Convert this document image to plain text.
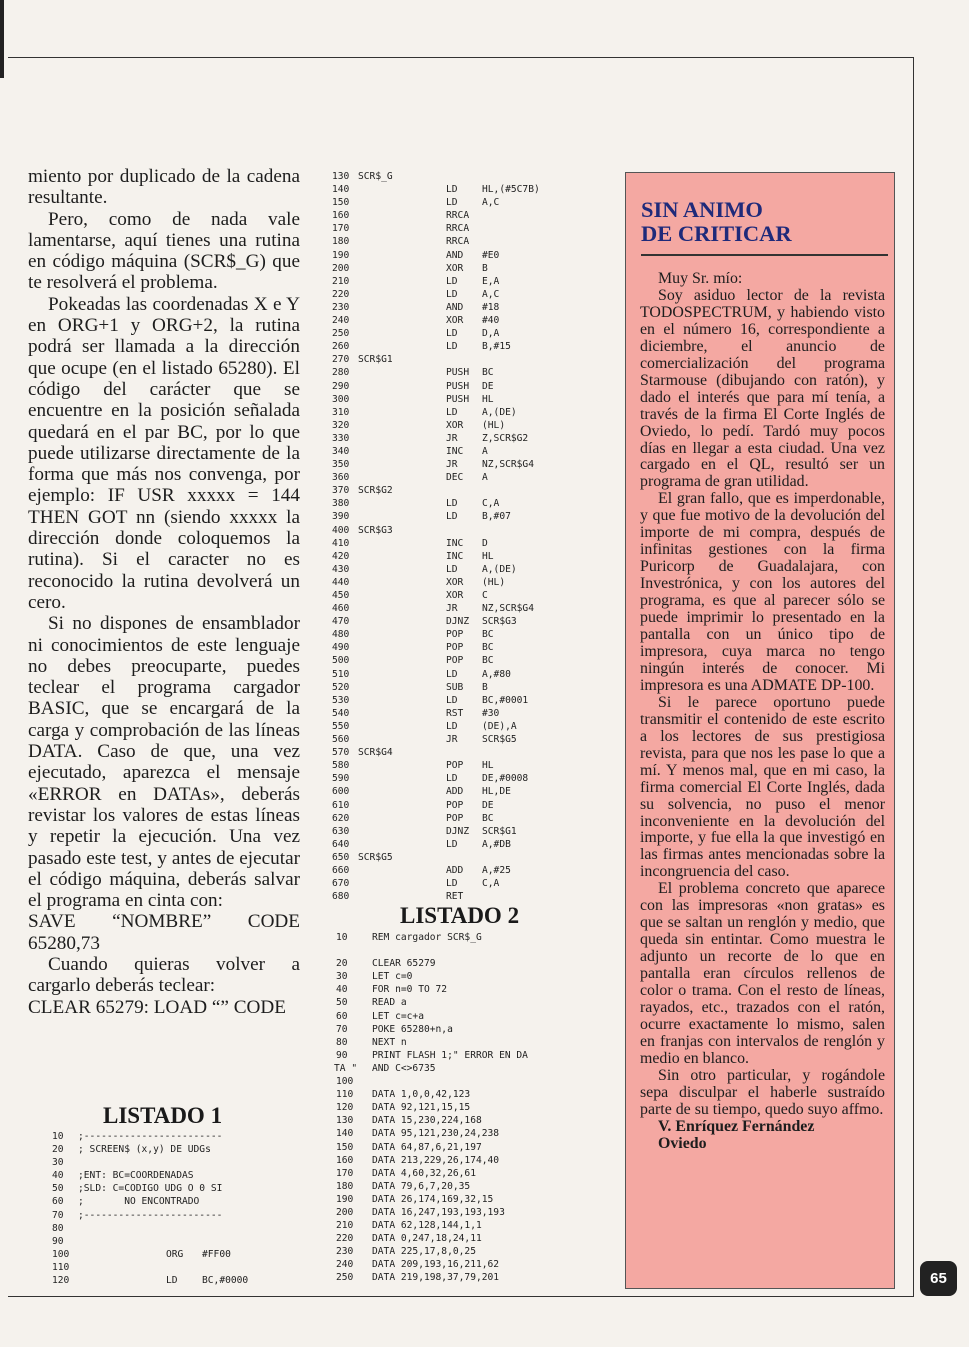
miento por duplicado de la cadena resultante.

Pero, como de nada vale lamentarse, aquí tienes una rutina en código máquina (SCR$_G) que te resolverá el problema.

Pokeadas las coordenadas X e Y en ORG+1 y ORG+2, la rutina podrá ser llamada a la dirección que ocupe (en el listado 65280). El código del carácter que se encuentre en la posición señalada quedará en el par BC, por lo que puede utilizarse directamente de la forma que más nos convenga, por ejemplo: IF USR xxxxx = 144 THEN GOT nn (siendo xxxxx la dirección donde coloquemos la rutina). Si el caracter no es reconocido la rutina devolverá un cero.

Si no dispones de ensamblador ni conocimientos de este lenguaje no debes preocuparte, puedes teclear el programa cargador BASIC, que se encargará de la carga y comprobación de las líneas DATA. Caso de que, una vez ejecutado, aparezca el mensaje «ERROR en DATAs», deberás revistar los valores de estas líneas y repetir la ejecución. Una vez pasado este test, y antes de ejecutar el código máquina, deberás salvar el programa en cinta con:

SAVE “NOMBRE” CODE 65280,73

Cuando quieras volver a cargarlo deberás teclear:

CLEAR 65279: LOAD “” CODE

LISTADO 1
10 ;------------------------
20 ; SCREEN$ (x,y) DE UDGs
30
40 ;ENT: BC=COORDENADAS
50 ;SLD: C=CODIGO UDG O 0 SI
60 ;       NO ENCONTRADO
70 ;------------------------
80
90
100	ORG #FF00
110
120	LD	BC,#0000
130 SCR$_G
140	LD	HL,(#5C7B)
150	LD	A,C
160	RRCA
170	RRCA
180	RRCA
190	AND #E0
200	XOR B
210	LD	E,A
220	LD	A,C
230	AND #18
240	XOR #40
250	LD	D,A
260	LD	B,#15
270 SCR$G1
280	PUSH BC
290	PUSH DE
300	PUSH HL
310	LD	A,(DE)
320	XOR (HL)
330	JR	Z,SCR$G2
340	INC A
350	JR	NZ,SCR$G4
360	DEC A
370 SCR$G2
380	LD	C,A
390	LD	B,#07
400 SCR$G3
410	INC D
420	INC HL
430	LD	A,(DE)
440	XOR (HL)
450	XOR C
460	JR	NZ,SCR$G4
470	DJNZ SCR$G3
480	POP BC
490	POP BC
500	POP BC
510	LD	A,#80
520	SUB B
530	LD	BC,#0001
540	RST #30
550	LD	(DE),A
560	JR	SCR$G5
570 SCR$G4
580	POP HL
590	LD	DE,#0008
600	ADD HL,DE
610	POP DE
620	POP BC
630	DJNZ SCR$G1
640	LD	A,#DB
650 SCR$G5
660	ADD A,#25
670	LD	C,A
680	RET
LISTADO 2
10	REM cargador SCR$_G
20	CLEAR 65279
30	LET c=0
40	FOR n=0 TO 72
50	READ a
60	LET c=c+a
70	POKE 65280+n,a
80	NEXT n
90	PRINT FLASH 1;" ERROR EN DA
TA " AND C<>6735
100
110 DATA 1,0,0,42,123
120 DATA 92,121,15,15
130 DATA 15,230,224,168
140 DATA 95,121,230,24,238
150 DATA 64,87,6,21,197
160 DATA 213,229,26,174,40
170 DATA 4,60,32,26,61
180 DATA 79,6,7,20,35
190 DATA 26,174,169,32,15
200 DATA 16,247,193,193,193
210 DATA 62,128,144,1,1
220 DATA 0,247,18,24,11
230 DATA 225,17,8,0,25
240 DATA 209,193,16,211,62
250 DATA 219,198,37,79,201
SIN ANIMO
DE CRITICAR

Muy Sr. mío:

Soy asiduo lector de la revista TODOSPECTRUM, y habiendo visto en el número 16, correspondiente a diciembre, el anuncio de comercialización del programa Starmouse (dibujando con ratón), y dado el interés que para mí tenía, a través de la firma El Corte Inglés de Oviedo, lo pedí. Tardó muy pocos días en llegar a esta ciudad. Una vez cargado en el QL, resultó ser un programa de gran utilidad.

El gran fallo, que es imperdonable, y que fue motivo de la devolución del importe de mi compra, después de infinitas gestiones con la firma Puricorp de Guadalajara, con Investrónica, y con los autores del programa, es que al parecer sólo se puede imprimir lo presentado en la pantalla con un único tipo de impresora, cuya marca no tengo ningún interés de conocer. Mi impresora es una ADMATE DP-100.

Si le parece oportuno puede transmitir el contenido de este escrito a los lectores de sus prestigiosa revista, para que nos les pase lo que a mí. Y menos mal, que en mi caso, la firma comercial El Corte Inglés, dada su solvencia, no puso el menor inconveniente en la devolución del importe, y fue ella la que investigó en las firmas antes mencionadas sobre la incongruencia del caso.

El problema concreto que aparece con las impresoras «non gratas» es que se saltan un renglón y medio, que queda sin entintar. Como muestra le adjunto un recorte de lo que en pantalla eran círculos rellenos de color o trama. Con el resto de líneas, rayados, etc., trazados con el ratón, ocurre exactamente lo mismo, salen en franjas con intervalos de renglón y medio en blanco.

Sin otro particular, y rogándole sepa disculpar el haberle sustraído parte de su tiempo, quedo suyo affmo.

V. Enríquez Fernández

Oviedo

65
